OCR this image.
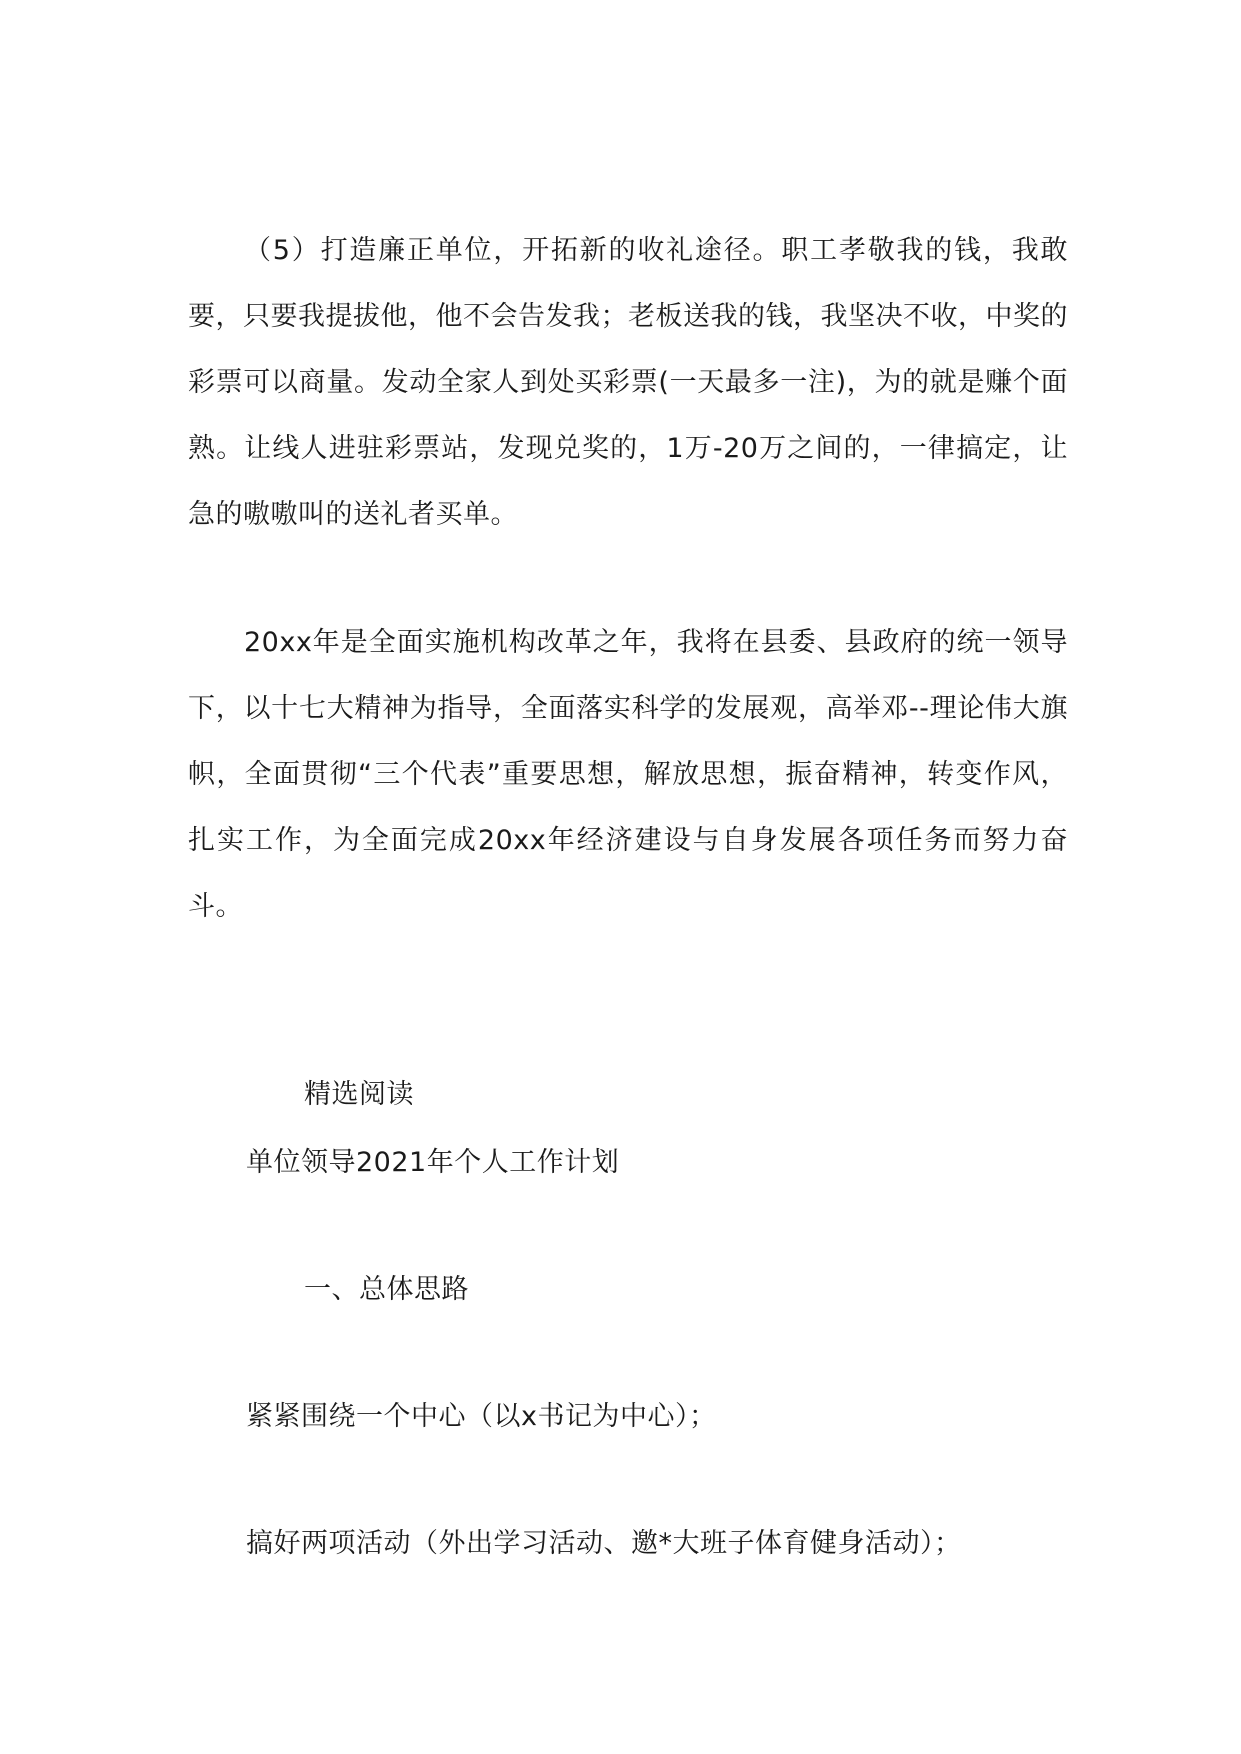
（5）打造廉正单位，开拓新的收礼途径。职工孝敬我的钱，我敢要，只要我提拔他，他不会告发我；老板送我的钱，我坚决不收，中奖的彩票可以商量。发动全家人到处买彩票(一天最多一注)，为的就是赚个面熟。让线人进驻彩票站，发现兑奖的，1万-20万之间的，一律搞定，让急的嗷嗷叫的送礼者买单。

20xx年是全面实施机构改革之年，我将在县委、县政府的统一领导下，以十七大精神为指导，全面落实科学的发展观，高举邓--理论伟大旗帜，全面贯彻“三个代表”重要思想，解放思想，振奋精神，转变作风，扎实工作，为全面完成20xx年经济建设与自身发展各项任务而努力奋斗。

精选阅读

单位领导2021年个人工作计划

一、总体思路

紧紧围绕一个中心（以x书记为中心）；

搞好两项活动（外出学习活动、邀*大班子体育健身活动）；
